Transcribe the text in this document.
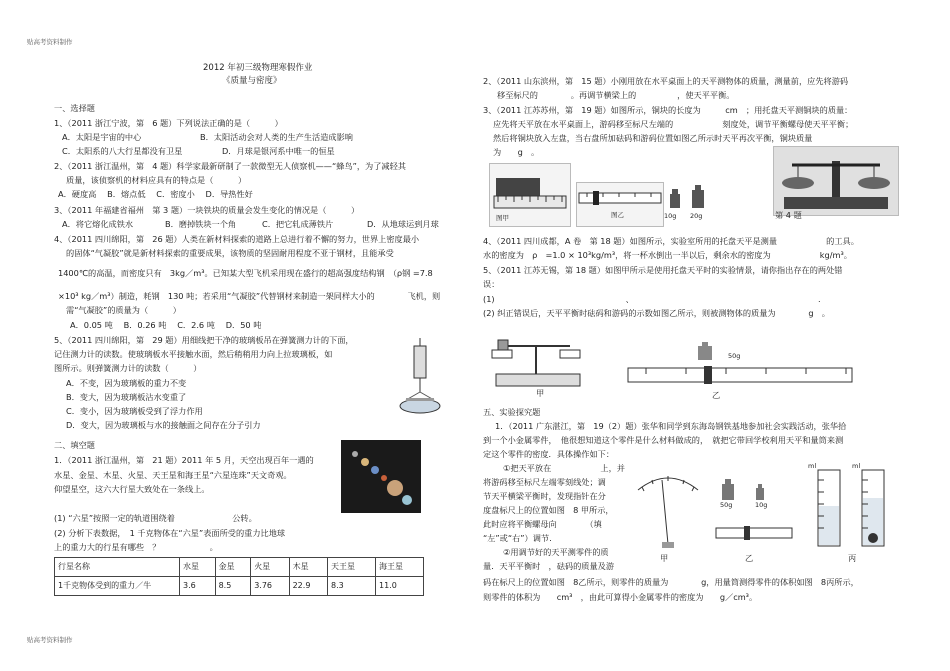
贴高考资料制作
贴高考资料制作
2012 年初三级物理寒假作业
《质量与密度》
一、选择题
1、（2011 浙江宁波，第　6 题）下列说法正确的是（　　　）
A．太阳是宇宙的中心	B．太阳活动会对人类的生产生活造成影响
C．太阳系的八大行星都没有卫星	D．月球是银河系中唯一的恒星
2、（2011 浙江温州，第　4 题）科学家最新研制了一款微型无人侦察机——“蜂鸟”，为了减轻其
质量，该侦察机的材料应具有的特点是（　　　）
A．硬度高　 B．熔点低　 C．密度小　 D．导热性好
3、（2011 年福建省福州　第 3 题）一块铁块的质量会发生变化的情况是（　　　）
A．将它熔化成铁水	B．磨掉铁块一个角	C．把它轧成薄铁片	D．从地球运到月球
4、（2011 四川绵阳，第　26 题）人类在新材料探索的道路上总进行着不懈的努力，世界上密度最小
的固体“气凝胶”就是新材料探索的重要成果，该物质的坚固耐用程度不亚于钢材，且能承受
1400℃的高温，而密度只有　3kg／m³。已知某大型飞机采用现在盛行的超高强度结构钢　（ρ钢 =7.8
×10³ kg／m³）制造，耗钢　130 吨；若采用“气凝胶”代替钢材来制造一架同样大小的　　　　飞机，则
需“气凝胶”的质量为（　　　）
A．0.05 吨　 B．0.26 吨　 C．2.6 吨　 D．50 吨
5、（2011 四川绵阳，第　29 题）用细线把干净的玻璃板吊在弹簧测力计的下面，
记住测力计的读数。使玻璃板水平接触水面，然后稍稍用力向上拉玻璃板，如
图所示。则弹簧测力计的读数（　　　）
A．不变，因为玻璃板的重力不变
B．变大，因为玻璃板沾水变重了
C．变小，因为玻璃板受到了浮力作用
D．变大，因为玻璃板与水的接触面之间存在分子引力
二、填空题
1．（2011 浙江温州，第　21 题）2011 年 5 月，天空出现百年一遇的
水星、金星、木星、火星、天王星和海王星“六星连珠”天文奇观。
仰望星空，这六大行星大致处在一条线上。
(1) “六星”按照一定的轨道围绕着　　　　　　　公转。
(2) 分析下表数据，　1 千克物体在“六星”表面所受的重力比地球
上的重力大的行星有哪些　？　　　　　　。
行星名称	水星	金星	火星	木星	天王星	海王星
1千克物体受到的重力／牛	3.6	8.5	3.76	22.9	8.3	11.0
2、（2011 山东滨州，第　15 题）小刚用放在水平桌面上的天平测物体的质量，测量前，应先将游码
移至标尺的　　　　。再调节横梁上的　　　　　，使天平平衡。
3、（2011 江苏苏州，第　19 题）如图所示，铜块的长度为　　　cm　；用托盘天平测铜块的质量：
应先将天平放在水平桌面上，游码移至标尺左端的　　　　　　刻度处，调节平衡螺母使天平平衡；
然后将铜块放入左盘，当右盘所加砝码和游码位置如图乙所示时天平再次平衡，铜块质量
为　　g　。
图甲	图乙	10g 20g	第 4 题
4、（2011 四川成都，A 卷　第 18 题）如图所示，实验室所用的托盘天平是测量　　　　　　的工具。
水的密度为　ρ　=1.0 × 10³kg/m³，将一杯水倒出一半以后，剩余水的密度为　　　　　　kg/m³。
5、（2011 江苏无锡，第 18 题）如图甲所示是使用托盘天平时的实验情景，请你指出存在的两处错
误：
(1)　　　　　　　　　　　　　　　　、　　　　　　　　　　　　　　　　　　　　　　　.
(2) 纠正错误后，天平平衡时砝码和游码的示数如图乙所示，则被测物体的质量为　　　　g　。
甲
50g
乙
五、实验探究题
1．（2011 广东湛江，第　19（2）题）张华和同学到东海岛钢铁基地参加社会实践活动，张华拾
到一个小金属零件，　他很想知道这个零件是什么材料做成的，　就把它带回学校利用天平和量筒来测
定这个零件的密度．具体操作如下：
①把天平放在　　　　　　上，并
将游码移至标尺左端零刻线处；调
节天平横梁平衡时，发现指针在分
度盘标尺上的位置如图　8 甲所示，
此时应将平衡螺母向　　　　（填
“左”或“右”）调节.
②用调节好的天平测零件的质
量．天平平衡时　，砝码的质量及游
码在标尺上的位置如图　8乙所示，则零件的质量为　　　　g，用量筒测得零件的体积如图　8丙所示，
则零件的体积为　　cm³　，由此可算得小金属零件的密度为　　g／cm³。
甲
50g	10g
乙
ml	ml
丙
